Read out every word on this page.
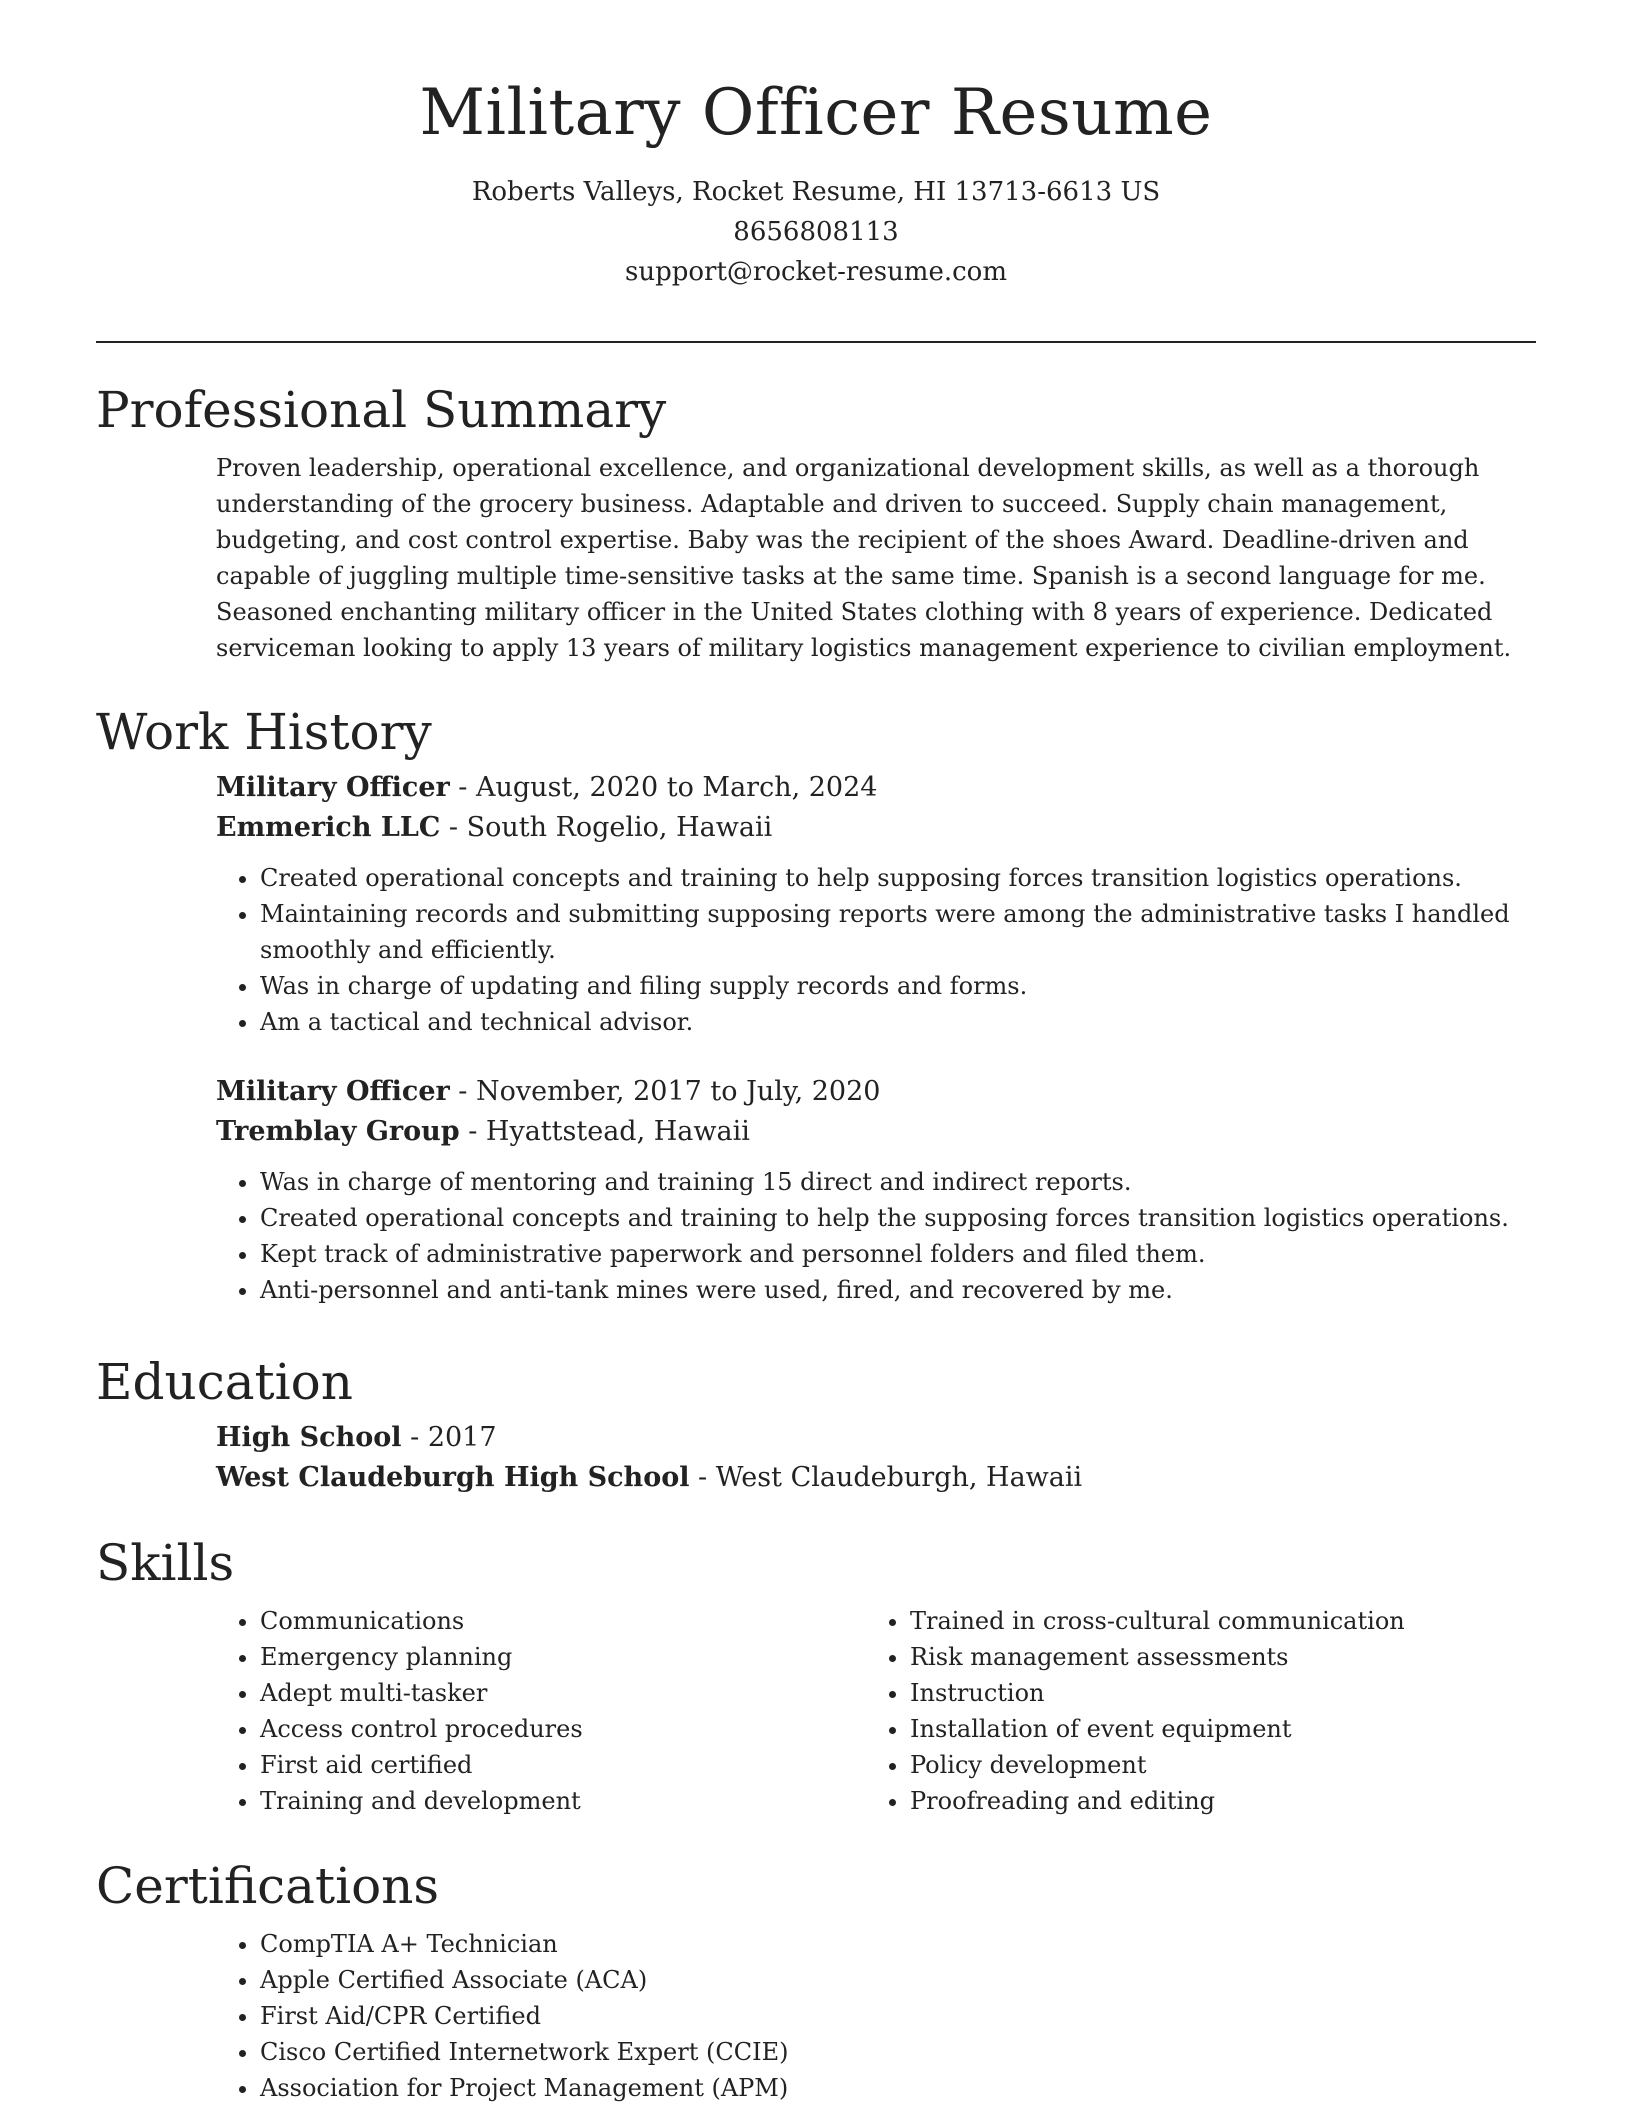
Military Officer Resume
Roberts Valleys, Rocket Resume, HI 13713-6613 US
8656808113
support@rocket-resume.com
Professional Summary
Proven leadership, operational excellence, and organizational development skills, as well as a thorough understanding of the grocery business. Adaptable and driven to succeed. Supply chain management, budgeting, and cost control expertise. Baby was the recipient of the shoes Award. Deadline-driven and capable of juggling multiple time-sensitive tasks at the same time. Spanish is a second language for me. Seasoned enchanting military officer in the United States clothing with 8 years of experience. Dedicated serviceman looking to apply 13 years of military logistics management experience to civilian employment.
Work History
Military Officer - August, 2020 to March, 2024
Emmerich LLC - South Rogelio, Hawaii
• Created operational concepts and training to help supposing forces transition logistics operations.
• Maintaining records and submitting supposing reports were among the administrative tasks I handled smoothly and efficiently.
• Was in charge of updating and filing supply records and forms.
• Am a tactical and technical advisor.
Military Officer - November, 2017 to July, 2020
Tremblay Group - Hyattstead, Hawaii
• Was in charge of mentoring and training 15 direct and indirect reports.
• Created operational concepts and training to help the supposing forces transition logistics operations.
• Kept track of administrative paperwork and personnel folders and filed them.
• Anti-personnel and anti-tank mines were used, fired, and recovered by me.
Education
High School - 2017
West Claudeburgh High School - West Claudeburgh, Hawaii
Skills
• Communications
• Emergency planning
• Adept multi-tasker
• Access control procedures
• First aid certified
• Training and development
• Trained in cross-cultural communication
• Risk management assessments
• Instruction
• Installation of event equipment
• Policy development
• Proofreading and editing
Certifications
• CompTIA A+ Technician
• Apple Certified Associate (ACA)
• First Aid/CPR Certified
• Cisco Certified Internetwork Expert (CCIE)
• Association for Project Management (APM)
